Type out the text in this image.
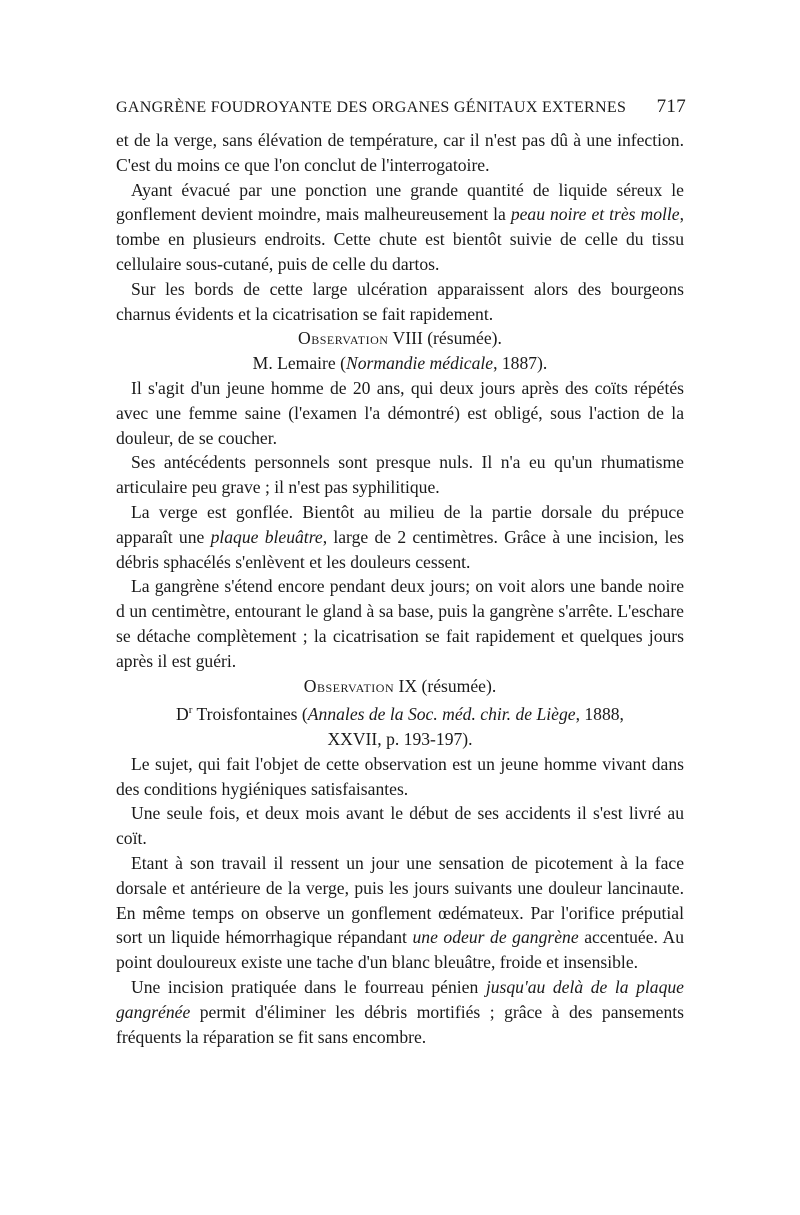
GANGRÈNE FOUDROYANTE DES ORGANES GÉNITAUX EXTERNES 717

et de la verge, sans élévation de température, car il n'est pas dû à une infection. C'est du moins ce que l'on conclut de l'interrogatoire.

Ayant évacué par une ponction une grande quantité de liquide séreux le gonflement devient moindre, mais malheureusement la peau noire et très molle, tombe en plusieurs endroits. Cette chute est bientôt suivie de celle du tissu cellulaire sous-cutané, puis de celle du dartos.

Sur les bords de cette large ulcération apparaissent alors des bourgeons charnus évidents et la cicatrisation se fait rapidement.

Observation VIII (résumée).
M. Lemaire (Normandie médicale, 1887).

Il s'agit d'un jeune homme de 20 ans, qui deux jours après des coïts répétés avec une femme saine (l'examen l'a démontré) est obligé, sous l'action de la douleur, de se coucher.

Ses antécédents personnels sont presque nuls. Il n'a eu qu'un rhumatisme articulaire peu grave ; il n'est pas syphilitique.

La verge est gonflée. Bientôt au milieu de la partie dorsale du prépuce apparaît une plaque bleuâtre, large de 2 centimètres. Grâce à une incision, les débris sphacélés s'enlèvent et les douleurs cessent.

La gangrène s'étend encore pendant deux jours; on voit alors une bande noire d un centimètre, entourant le gland à sa base, puis la gangrène s'arrête. L'eschare se détache complètement ; la cicatrisation se fait rapidement et quelques jours après il est guéri.

Observation IX (résumée).
$D^r$ Troisfontaines (Annales de la Soc. méd. chir. de Liège, 1888,
XXVII, p. 193-197).

Le sujet, qui fait l'objet de cette observation est un jeune homme vivant dans des conditions hygiéniques satisfaisantes.

Une seule fois, et deux mois avant le début de ses accidents il s'est livré au coït.

Etant à son travail il ressent un jour une sensation de picotement à la face dorsale et antérieure de la verge, puis les jours suivants une douleur lancinaute. En même temps on observe un gonflement œdémateux. Par l'orifice préputial sort un liquide hémorrhagique répandant une odeur de gangrène accentuée. Au point douloureux existe une tache d'un blanc bleuâtre, froide et insensible.

Une incision pratiquée dans le fourreau pénien jusqu'au delà de la plaque gangrénée permit d'éliminer les débris mortifiés ; grâce à des pansements fréquents la réparation se fit sans encombre.
